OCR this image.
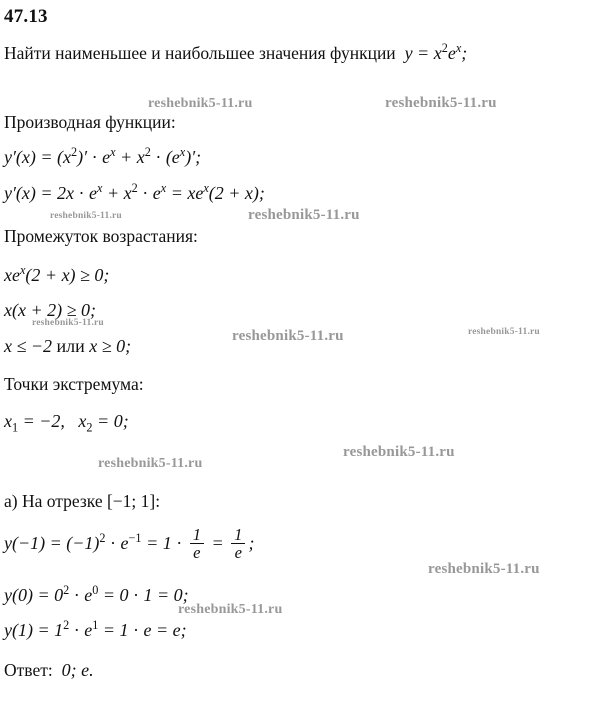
47.13
Найти наименьшее и наибольшее значения функции  $y = x^2e^x$;
Производная функции:
$y'(x) = (x^2)' \cdot e^x + x^2 \cdot (e^x)'$;
$y'(x) = 2x \cdot e^x + x^2 \cdot e^x = xe^x(2 + x)$;
Промежуток возрастания:
$xe^x(2 + x) \ge 0$;
x(x + 2) ≥ 0;
x ≤ −2 или x ≥ 0;
Точки экстремума:
$x_1 = -2$,   $x_2 = 0$;
а) На отрезке [−1; 1]:
$y(-1) = (-1)^2 \cdot e^{-1} = 1 \cdot \frac{1}{e} = \frac{1}{e}$ ;
$y(0) = 0^2 \cdot e^0 = 0 \cdot 1 = 0$;
$y(1) = 1^2 \cdot e^1 = 1 \cdot e = e$;
Ответ:  0; e.
reshebnik5-11.ru	reshebnik5-11.ru
reshebnik5-11.ru	reshebnik5-11.ru
reshebnik5-11.ru
reshebnik5-11.ru	reshebnik5-11.ru
reshebnik5-11.ru
reshebnik5-11.ru
reshebnik5-11.ru
reshebnik5-11.ru
